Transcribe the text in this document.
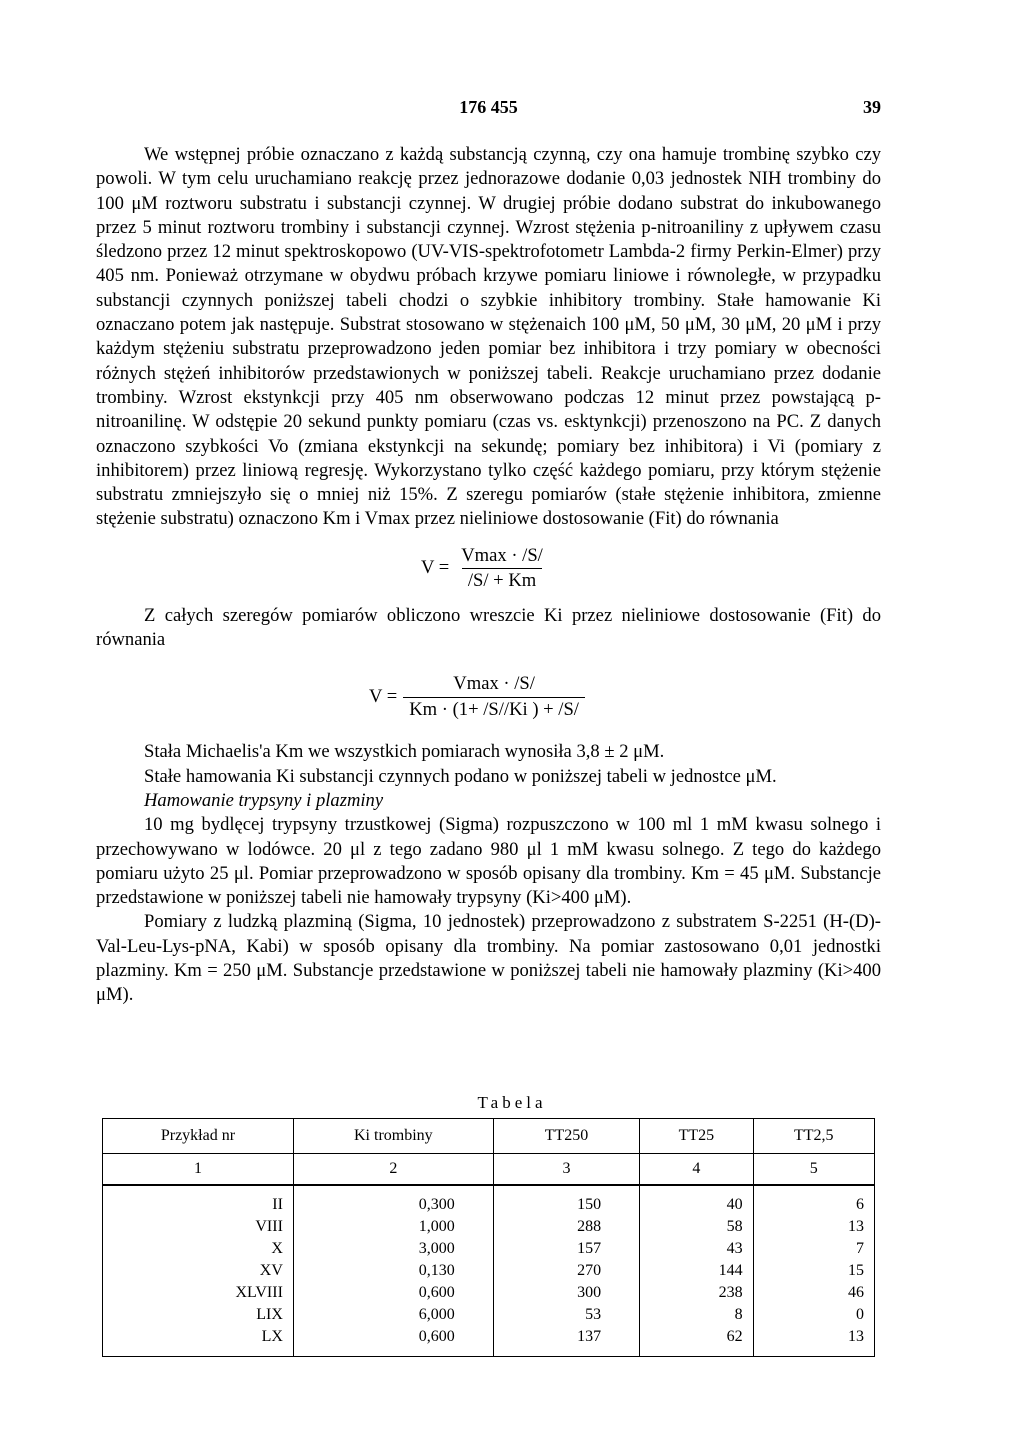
176 455	39

We wstępnej próbie oznaczano z każdą substancją czynną, czy ona hamuje trombinę szybko czy powoli. W tym celu uruchamiano reakcję przez jednorazowe dodanie 0,03 jednostek NIH trombiny do 100 μM roztworu substratu i substancji czynnej. W drugiej próbie dodano substrat do inkubowanego przez 5 minut roztworu trombiny i substancji czynnej. Wzrost stężenia p-nitroaniliny z upływem czasu śledzono przez 12 minut spektroskopowo (UV-VIS-spektrofotometr Lambda-2 firmy Perkin-Elmer) przy 405 nm. Ponieważ otrzymane w obydwu próbach krzywe pomiaru liniowe i równoległe, w przypadku substancji czynnych poniższej tabeli chodzi o szybkie inhibitory trombiny. Stałe hamowanie Ki oznaczano potem jak następuje. Substrat stosowano w stężenaich 100 μM, 50 μM, 30 μM, 20 μM i przy każdym stężeniu substratu przeprowadzono jeden pomiar bez inhibitora i trzy pomiary w obecności różnych stężeń inhibitorów przedstawionych w poniższej tabeli. Reakcje uruchamiano przez dodanie trombiny. Wzrost ekstynkcji przy 405 nm obserwowano podczas 12 minut przez powstającą p-nitroanilinę. W odstępie 20 sekund punkty pomiaru (czas vs. esktynkcji) przenoszono na PC. Z danych oznaczono szybkości Vo (zmiana ekstynkcji na sekundę; pomiary bez inhibitora) i Vi (pomiary z inhibitorem) przez liniową regresję. Wykorzystano tylko część każdego pomiaru, przy którym stężenie substratu zmniejszyło się o mniej niż 15%. Z szeregu pomiarów (stałe stężenie inhibitora, zmienne stężenie substratu) oznaczono Km i Vmax przez nieliniowe dostosowanie (Fit) do równania

$V = \frac{Vmax \cdot /S/}{/S/ + Km}$

Z całych szeregów pomiarów obliczono wreszcie Ki przez nieliniowe dostosowanie (Fit) do równania

$V = \frac{Vmax \cdot /S/}{Km \cdot (1+ /S//Ki ) + /S/}$

Stała Michaelis'a Km we wszystkich pomiarach wynosiła 3,8 ± 2 μM.

Stałe hamowania Ki substancji czynnych podano w poniższej tabeli w jednostce μM.

Hamowanie trypsyny i plazminy

10 mg bydlęcej trypsyny trzustkowej (Sigma) rozpuszczono w 100 ml 1 mM kwasu solnego i przechowywano w lodówce. 20 μl z tego zadano 980 μl 1 mM kwasu solnego. Z tego do każdego pomiaru użyto 25 μl. Pomiar przeprowadzono w sposób opisany dla trombiny. Km = 45 μM. Substancje przedstawione w poniższej tabeli nie hamowały trypsyny (Ki>400 μM).

Pomiary z ludzką plazminą (Sigma, 10 jednostek) przeprowadzono z substratem S-2251 (H-(D)-Val-Leu-Lys-pNA, Kabi) w sposób opisany dla trombiny. Na pomiar zastosowano 0,01 jednostki plazminy. Km = 250 μM. Substancje przedstawione w poniższej tabeli nie hamowały plazminy (Ki>400 μM).

Tabela
Przykład nr	Ki trombiny	TT250	TT25	TT2,5
1	2	3	4	5
II	0,300	150	40	6
VIII	1,000	288	58	13
X	3,000	157	43	7
XV	0,130	270	144	15
XLVIII	0,600	300	238	46
LIX	6,000	53	8	0
LX	0,600	137	62	13
